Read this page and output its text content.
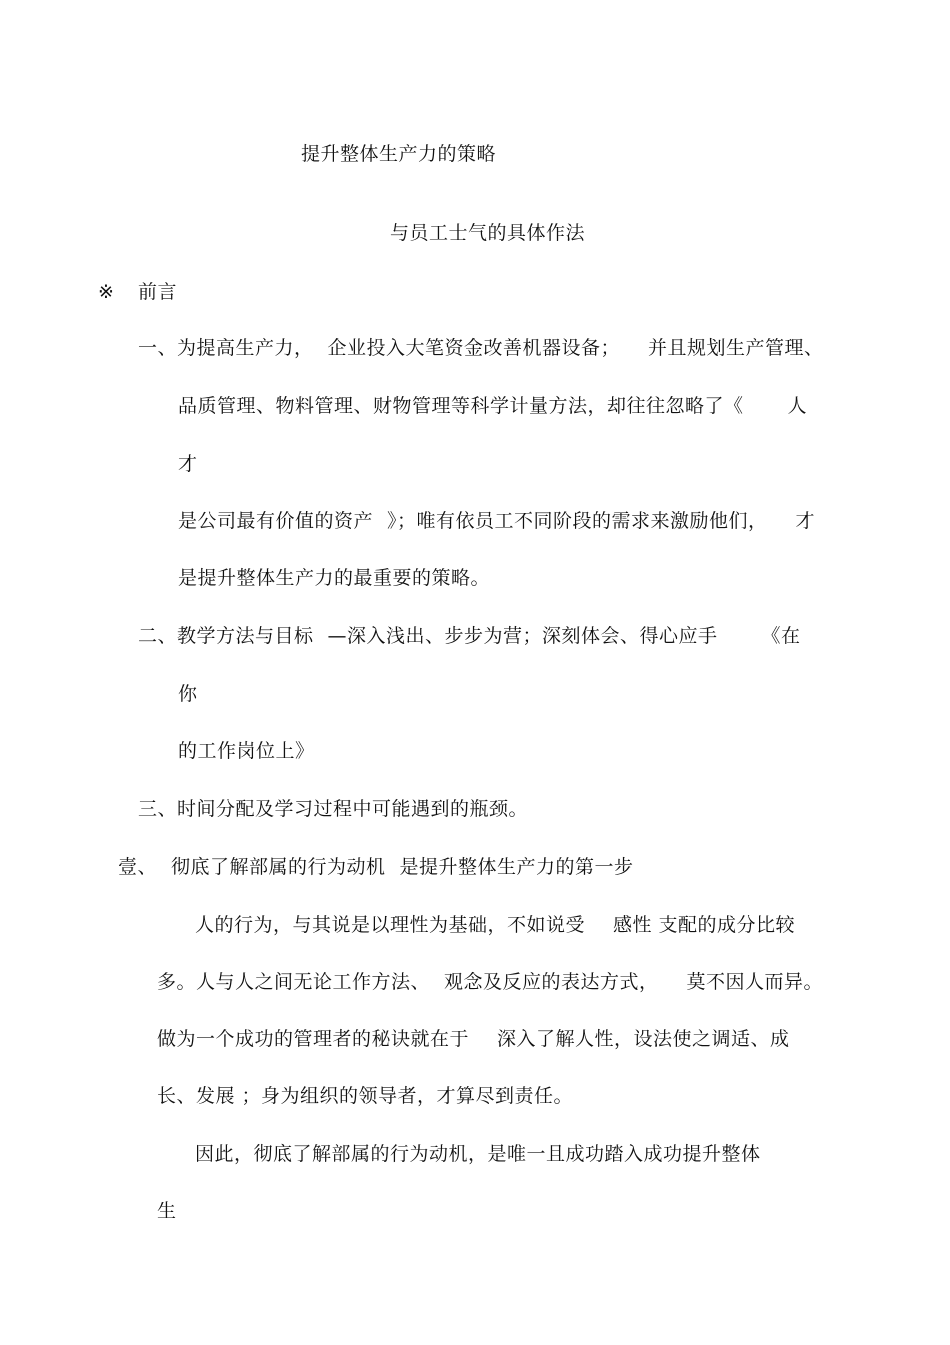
提升整体生产力的策略
与员工士气的具体作法
※ 前言
一、为提高生产力， 企业投入大笔资金改善机器设备； 并且规划生产管理、
品质管理、物料管理、财物管理等科学计量方法，却往往忽略了《 人
才
是公司最有价值的资产 》；唯有依员工不同阶段的需求来激励他们， 才
是提升整体生产力的最重要的策略。
二、教学方法与目标 —深入浅出、步步为营；深刻体会、得心应手 《在
你
的工作岗位上》
三、时间分配及学习过程中可能遇到的瓶颈。
壹、 彻底了解部属的行为动机 是提升整体生产力的第一步
人的行为，与其说是以理性为基础，不如说受 感性 支配的成分比较
多。人与人之间无论工作方法、 观念及反应的表达方式， 莫不因人而异。
做为一个成功的管理者的秘诀就在于 深入了解人性，设法使之调适、成
长、发展 ；身为组织的领导者，才算尽到责任。
因此，彻底了解部属的行为动机，是唯一且成功踏入成功提升整体
生
